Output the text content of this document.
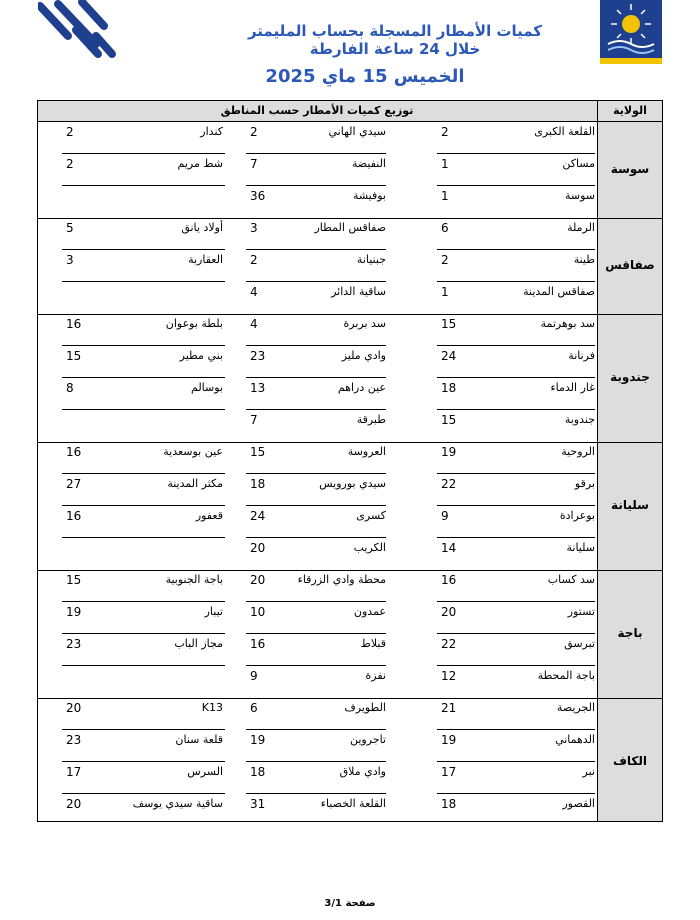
كميات الأمطار المسجلة بحساب المليمتر
خلال 24 ساعة الفارطة
الخميس 15 ماي 2025
توزيع كميات الأمطار حسب المناطق	الولاية
القلعة الكبرى
2
سيدي الهاني
2
كندار
2
مساكن
1
النفيضة
7
شط مريم
2
سوسة
1
بوفيشة
36
سوسة
الرملة
6
صفاقس المطار
3
أولاد يانق
5
طينة
2
جبنيانة
2
العقاربة
3
صفاقس المدينة
1
ساقية الدائر
4
صفاقس
سد بوهرتمة
15
سد بربرة
4
بلطة بوعوان
16
فرنانة
24
وادي مليز
23
بني مطير
15
غار الدماء
18
عين دراهم
13
بوسالم
8
جندوبة
15
طبرقة
7
جندوبة
الروحية
19
العروسة
15
عين بوسعدية
16
برقو
22
سيدي بورويس
18
مكثر المدينة
27
بوعرادة
9
كسرى
24
قعفور
16
سليانة
14
الكريب
20
سليانة
سد كساب
16
محطة وادي الزرقاء
20
باجة الجنوبية
15
تستور
20
عمدون
10
تيبار
19
تبرسق
22
قبلاط
16
مجاز الباب
23
باجة المحطة
12
نفزة
9
باجة
الجريصة
21
الطويرف
6
K13
20
الدهماني
19
تاجروين
19
قلعة سنان
23
نبر
17
وادي ملاق
18
السرس
17
القصور
18
القلعة الخصباء
31
ساقية سيدي يوسف
20
الكاف
صفحة 3/1
